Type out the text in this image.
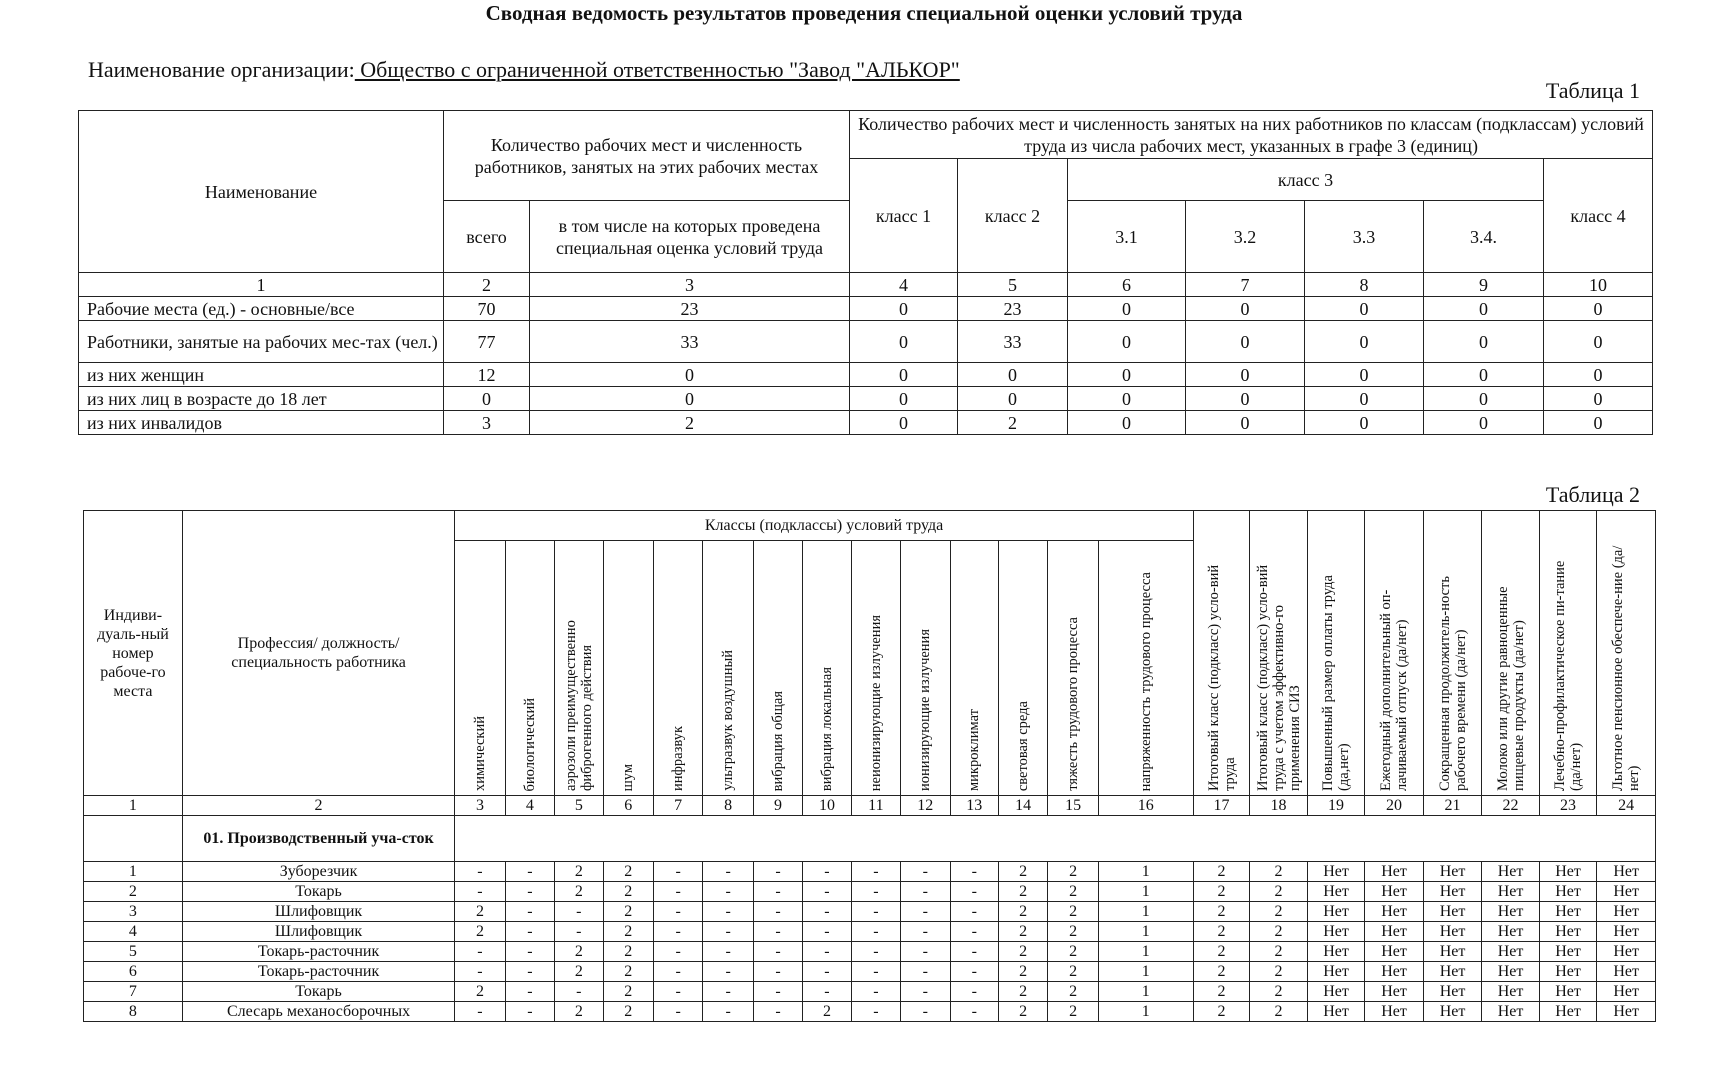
Сводная ведомость результатов проведения специальной оценки условий труда
Наименование организации: Общество с ограниченной ответственностью "Завод "АЛЬКОР"
Таблица 1
Наименование	Количество рабочих мест и численность работников, занятых на этих рабочих местах		Количество рабочих мест и численность занятых на них работников по классам (подклассам) условий труда из числа рабочих мест, указанных в графе 3 (единиц)						
			класс 1	класс 2	класс 3				класс 4
	всего	в том числе на которых проведена специальная оценка условий труда			3.1	3.2	3.3	3.4.	
1	2	3	4	5	6	7	8	9	10
Рабочие места (ед.) - основные/все	70	23	0	23	0	0	0	0	0
Работники, занятые на рабочих мес-тах (чел.)	77	33	0	33	0	0	0	0	0
из них женщин	12	0	0	0	0	0	0	0	0
из них лиц в возрасте до 18 лет	0	0	0	0	0	0	0	0	0
из них инвалидов	3	2	0	2	0	0	0	0	0
Таблица 2
Индиви-дуаль-ный номер рабоче-го места	Профессия/ должность/ специальность работника	Классы (подклассы) условий труда														Итоговый класс (подкласс) усло-вий труда	Итоговый класс (подкласс) усло-вий труда с учетом эффективно-го применения СИЗ	Повышенный размер оплаты труда (да,нет)	Ежегодный дополнительный оп-лачиваемый отпуск (да/нет)	Сокращенная продолжитель-ность рабочего времени (да/нет)	Молоко или другие равноценные пищевые продукты (да/нет)	Лечебно-профилактическое пи-тание (да/нет)	Льготное пенсионное обеспече-ние (да/нет)

		химический	биологический	аэрозоли преимущественно фиброгенного действия	шум	инфразвук	ультразвук воздушный	вибрация общая	вибрация локальная	неионизирующие излучения	ионизирующие излучения	микроклимат	световая среда	тяжесть трудового процесса	напряженность трудового процесса								

1	2	3	4	5	6	7	8	9	10	11	12	13	14	15	16	17	18	19	20	21	22	23	24
	01. Производственный уча-сток																						
1	Зуборезчик	-	-	2	2	-	-	-	-	-	-	-	2	2	1	2	2	Нет	Нет	Нет	Нет	Нет	Нет
2	Токарь	-	-	2	2	-	-	-	-	-	-	-	2	2	1	2	2	Нет	Нет	Нет	Нет	Нет	Нет
3	Шлифовщик	2	-	-	2	-	-	-	-	-	-	-	2	2	1	2	2	Нет	Нет	Нет	Нет	Нет	Нет
4	Шлифовщик	2	-	-	2	-	-	-	-	-	-	-	2	2	1	2	2	Нет	Нет	Нет	Нет	Нет	Нет
5	Токарь-расточник	-	-	2	2	-	-	-	-	-	-	-	2	2	1	2	2	Нет	Нет	Нет	Нет	Нет	Нет
6	Токарь-расточник	-	-	2	2	-	-	-	-	-	-	-	2	2	1	2	2	Нет	Нет	Нет	Нет	Нет	Нет
7	Токарь	2	-	-	2	-	-	-	-	-	-	-	2	2	1	2	2	Нет	Нет	Нет	Нет	Нет	Нет
8	Слесарь механосборочных	-	-	2	2	-	-	-	2	-	-	-	2	2	1	2	2	Нет	Нет	Нет	Нет	Нет	Нет
